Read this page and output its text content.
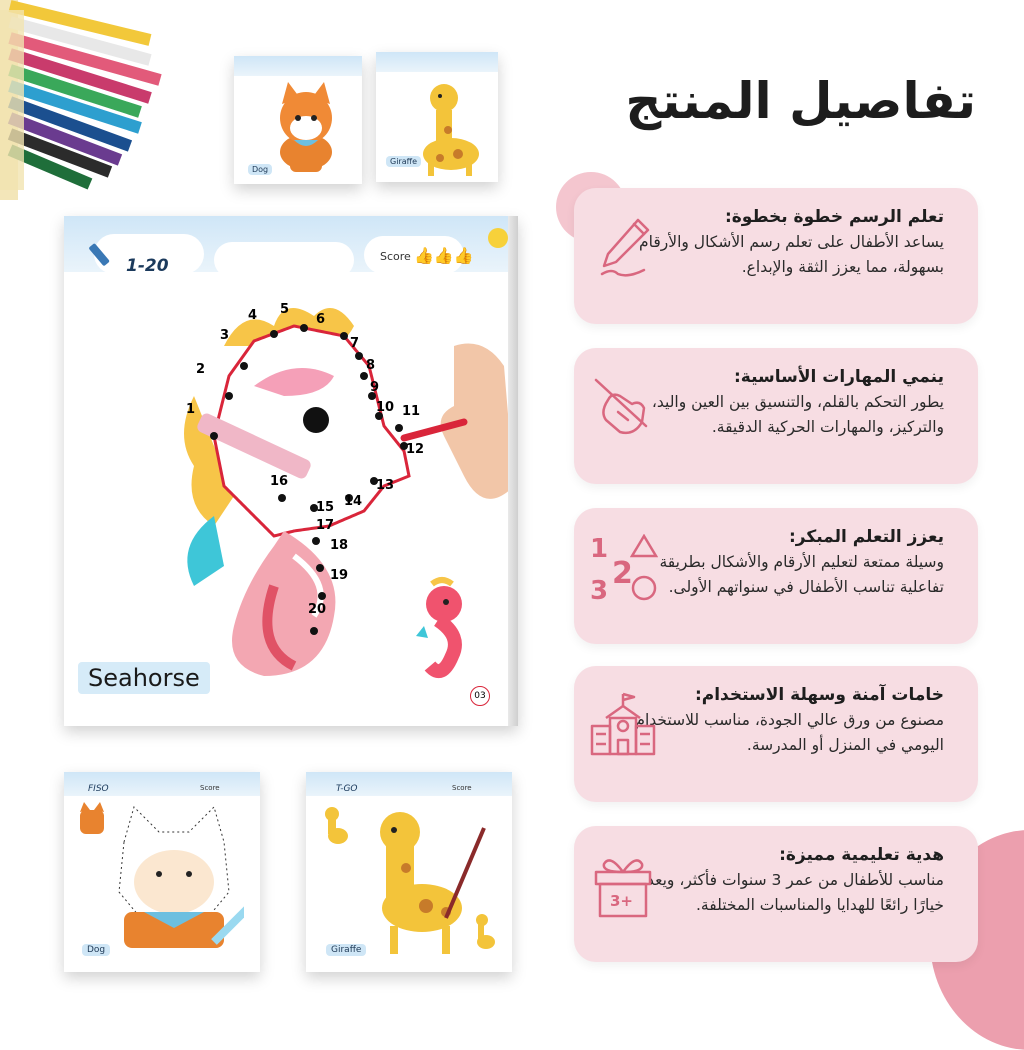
تفاصيل المنتج
Dog
Giraffe
1-20	Score 👍👍👍
1
2
3
4 5
6
7
8
9
10 11
12
13
14
15
16
17
18
19
20
Seahorse
03
FISO	Score
Dog
T-GO	Score
Giraffe
تعلم الرسم خطوة بخطوة:
يساعد الأطفال على تعلم رسم الأشكال والأرقام بسهولة، مما يعزز الثقة والإبداع.
ينمي المهارات الأساسية:
يطور التحكم بالقلم، والتنسيق بين العين واليد، والتركيز، والمهارات الحركية الدقيقة.
يعزز التعلم المبكر:
وسيلة ممتعة لتعليم الأرقام والأشكال بطريقة تفاعلية تناسب الأطفال في سنواتهم الأولى.
1
2
3
خامات آمنة وسهلة الاستخدام:
مصنوع من ورق عالي الجودة، مناسب للاستخدام اليومي في المنزل أو المدرسة.
هدية تعليمية مميزة:
مناسب للأطفال من عمر 3 سنوات فأكثر، ويعد خيارًا رائعًا للهدايا والمناسبات المختلفة.
3+
